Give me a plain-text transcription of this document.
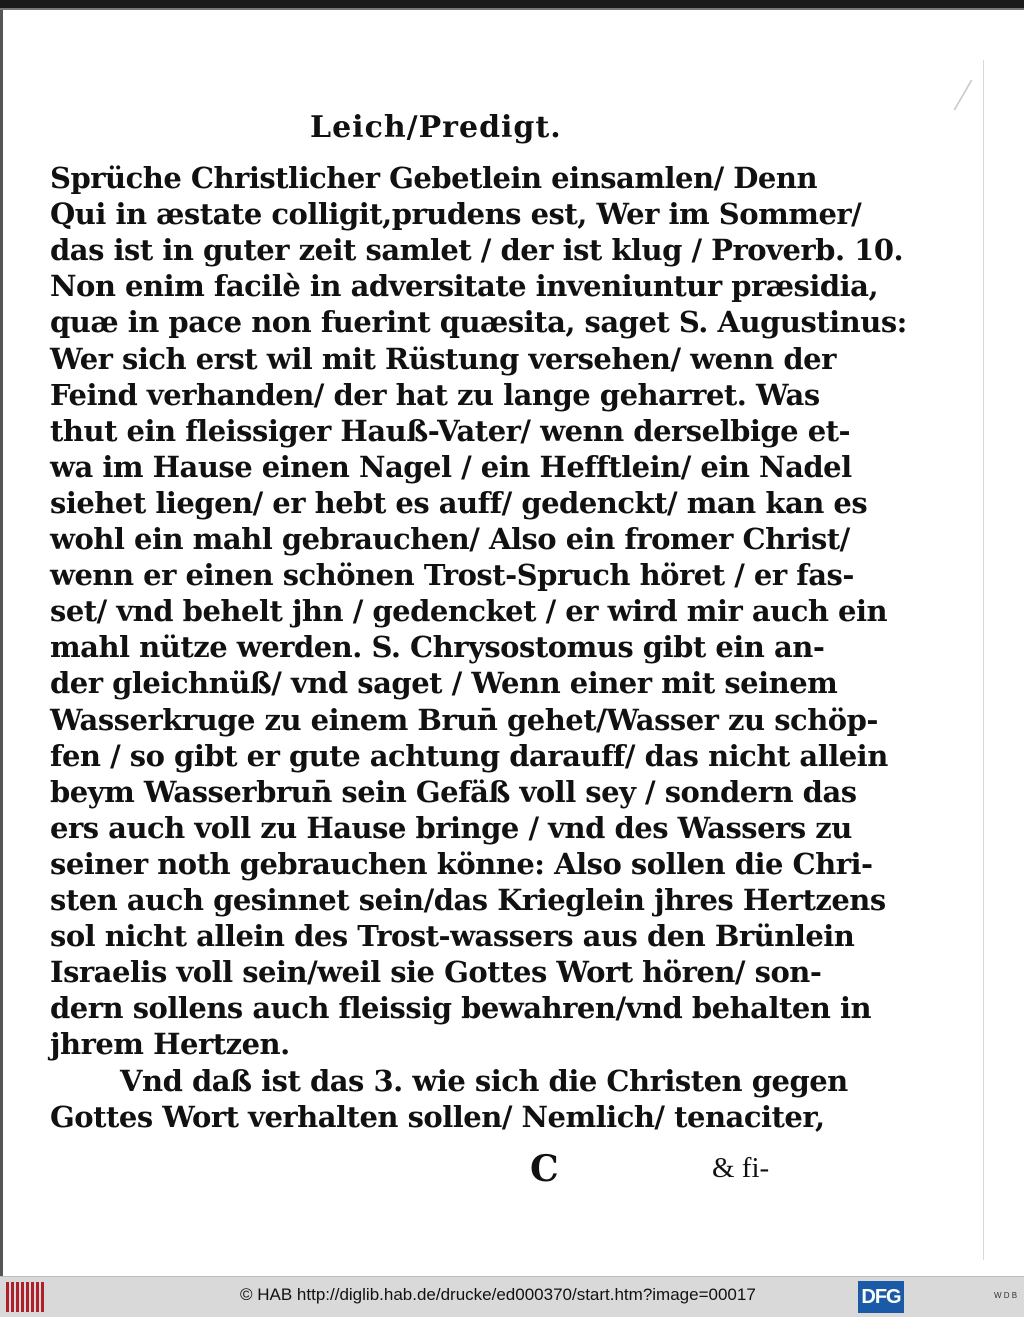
Leich/Predigt.
Sprüche Christlicher Gebetlein einsamlen/ Denn
Qui in æstate colligit,prudens est, Wer im Sommer/
das ist in guter zeit samlet / der ist klug / Proverb. 10.
Non enim facilè in adversitate inveniuntur præsidia,
quæ in pace non fuerint quæsita, saget S. Augustinus:
Wer sich erst wil mit Rüstung versehen/ wenn der
Feind verhanden/ der hat zu lange geharret. Was
thut ein fleissiger Hauß-Vater/ wenn derselbige et-
wa im Hause einen Nagel / ein Hefftlein/ ein Nadel
siehet liegen/ er hebt es auff/ gedenckt/ man kan es
wohl ein mahl gebrauchen/ Also ein fromer Christ/
wenn er einen schönen Trost-Spruch höret / er fas-
set/ vnd behelt jhn / gedencket / er wird mir auch ein
mahl nütze werden. S. Chrysostomus gibt ein an-
der gleichnüß/ vnd saget / Wenn einer mit seinem
Wasserkruge zu einem Brun̄ gehet/Wasser zu schöp-
fen / so gibt er gute achtung darauff/ das nicht allein
beym Wasserbrun̄ sein Gefäß voll sey / sondern das
ers auch voll zu Hause bringe / vnd des Wassers zu
seiner noth gebrauchen könne: Also sollen die Chri-
sten auch gesinnet sein/das Krieglein jhres Hertzens
sol nicht allein des Trost-wassers aus den Brünlein
Israelis voll sein/weil sie Gottes Wort hören/ son-
dern sollens auch fleissig bewahren/vnd behalten in
jhrem Hertzen.
Vnd daß ist das 3. wie sich die Christen gegen
Gottes Wort verhalten sollen/ Nemlich/ tenaciter,
C	& fi-
© HAB http://diglib.hab.de/drucke/ed000370/start.htm?image=00017	DFG	W D B
